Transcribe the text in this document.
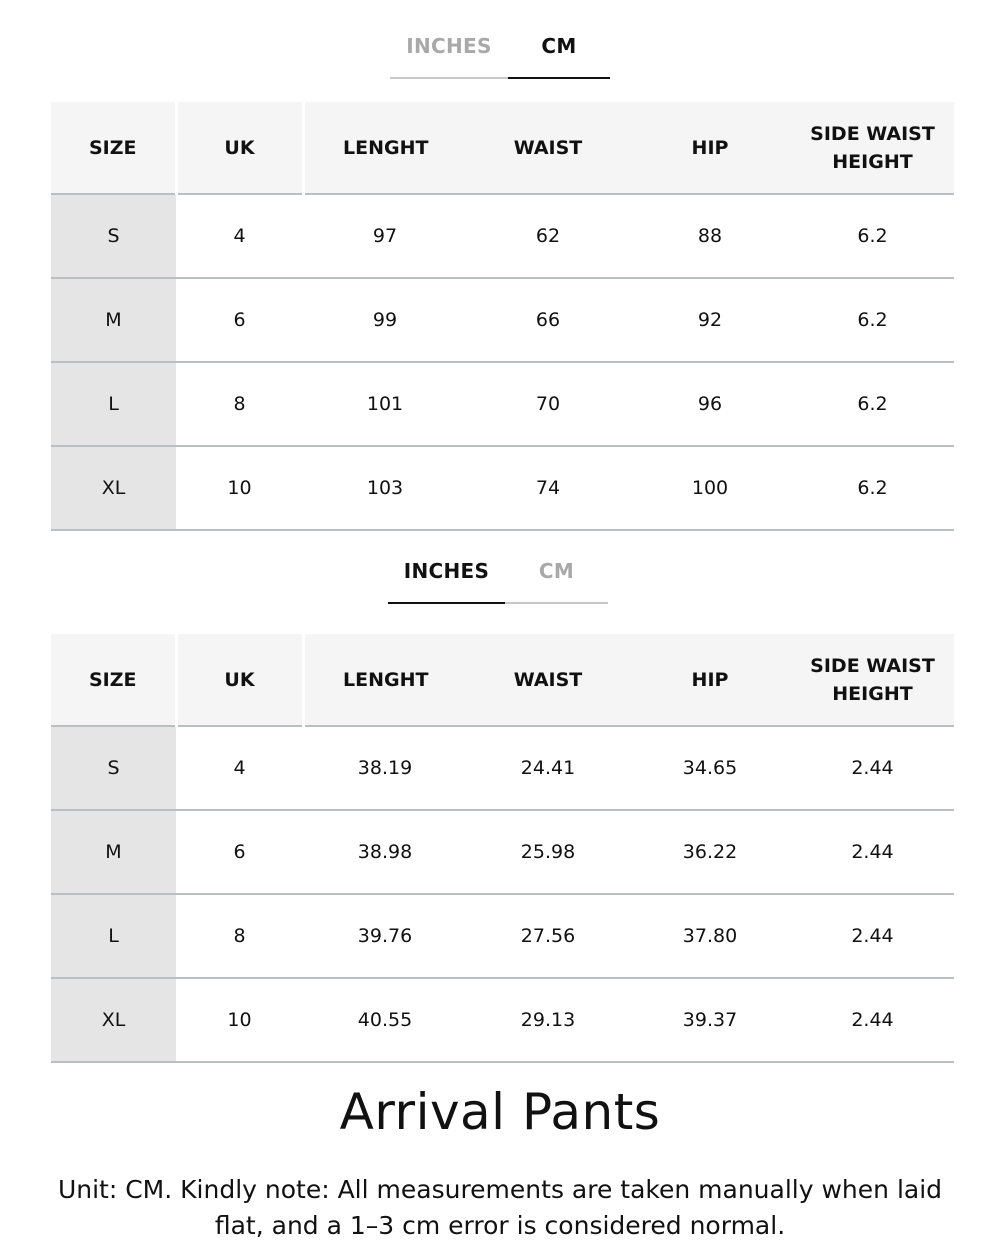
INCHES CM
SIZE	UK	LENGHT	WAIST	HIP	SIDE WAIST HEIGHT
S	4	97	62	88	6.2
M	6	99	66	92	6.2
L	8	101	70	96	6.2
XL	10	103	74	100	6.2
INCHES CM
SIZE	UK	LENGHT	WAIST	HIP	SIDE WAIST HEIGHT
S	4	38.19	24.41	34.65	2.44
M	6	38.98	25.98	36.22	2.44
L	8	39.76	27.56	37.80	2.44
XL	10	40.55	29.13	39.37	2.44
Arrival Pants
Unit: CM. Kindly note: All measurements are taken manually when laid flat, and a 1–3 cm error is considered normal.
